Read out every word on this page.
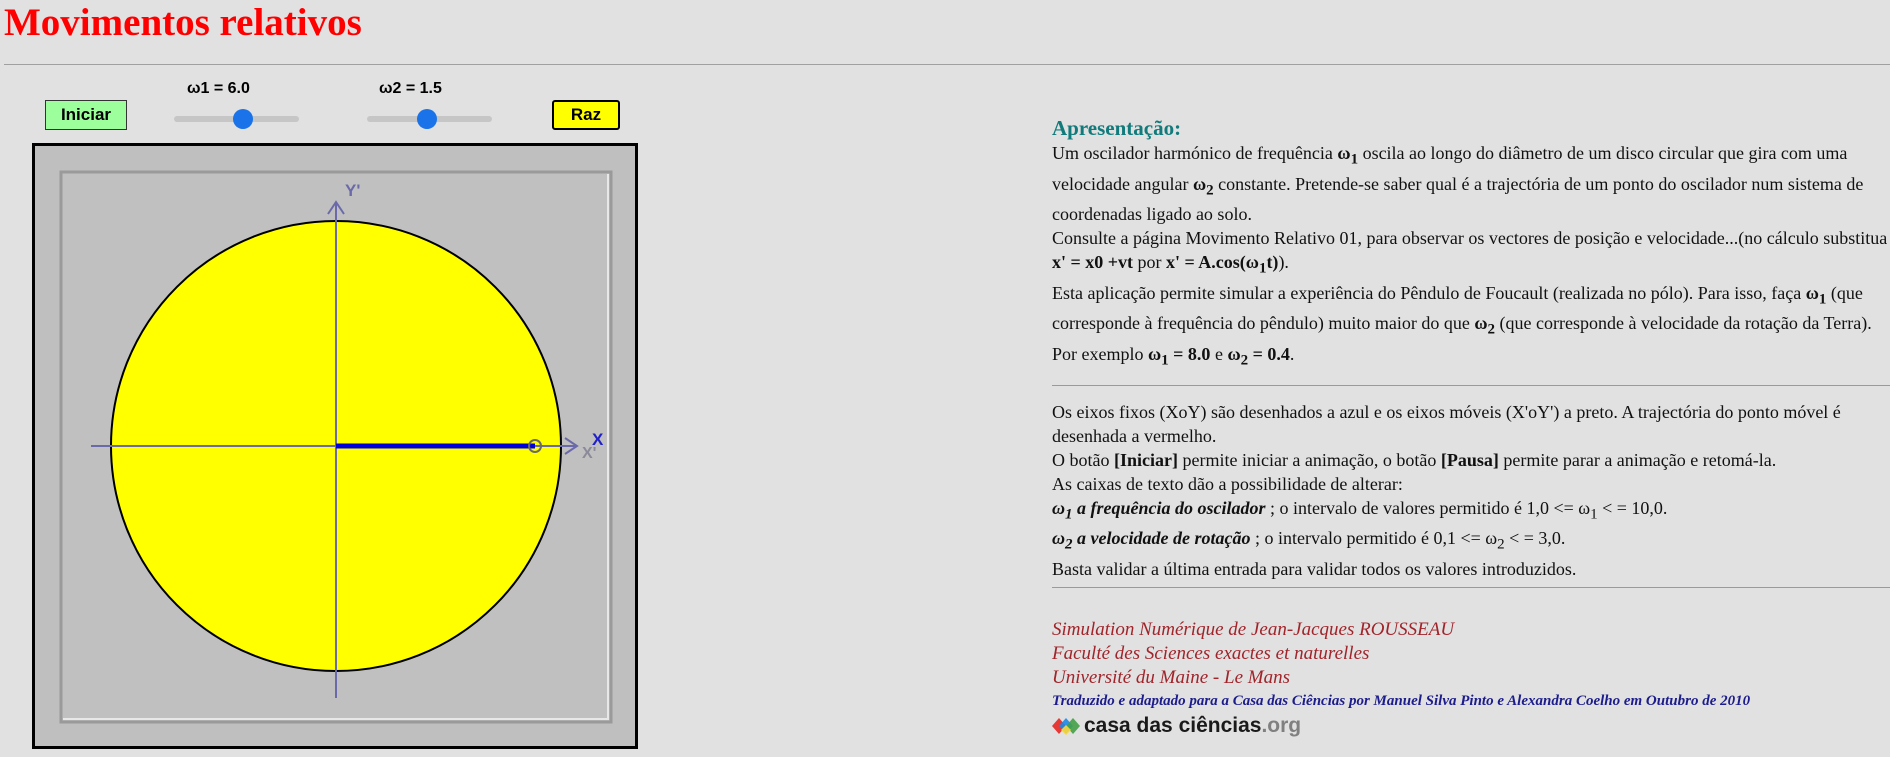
Movimentos relativos
Iniciar
ω1 = 6.0	ω2 = 1.5
Raz
Y'
X
X'
Apresentação:

Um oscilador harmónico de frequência $\omega_1$ oscila ao longo do diâmetro de um disco circular que gira com uma velocidade angular $\omega_2$ constante. Pretende-se saber qual é a trajectória de um ponto do oscilador num sistema de coordenadas ligado ao solo.

Consulte a página Movimento Relativo 01, para observar os vectores de posição e velocidade...(no cálculo substitua x' = x0 +vt por $x' = A.\cos(\omega_1t)$).

Esta aplicação permite simular a experiência do Pêndulo de Foucault (realizada no pólo). Para isso, faça $\omega_1$ (que corresponde à frequência do pêndulo) muito maior do que $\omega_2$ (que corresponde à velocidade da rotação da Terra). Por exemplo $\omega_1 = 8.0$ e $\omega_2 = 0.4$.

Os eixos fixos (XoY) são desenhados a azul e os eixos móveis (X'oY') a preto. A trajectória do ponto móvel é desenhada a vermelho.

O botão [Iniciar] permite iniciar a animação, o botão [Pausa] permite parar a animação e retomá-la.

As caixas de texto dão a possibilidade de alterar:

$\omega_1$ a frequência do oscilador ; o intervalo de valores permitido é $1,0 <= \omega_1$ < = 10,0.

$\omega_2$ a velocidade de rotação ; o intervalo permitido é $0,1 <= \omega_2$ < = 3,0.

Basta validar a última entrada para validar todos os valores introduzidos.

Simulation Numérique de Jean-Jacques ROUSSEAU
Faculté des Sciences exactes et naturelles
Université du Maine - Le Mans
Traduzido e adaptado para a Casa das Ciências por Manuel Silva Pinto e Alexandra Coelho em Outubro de 2010
casa das ciências .org
